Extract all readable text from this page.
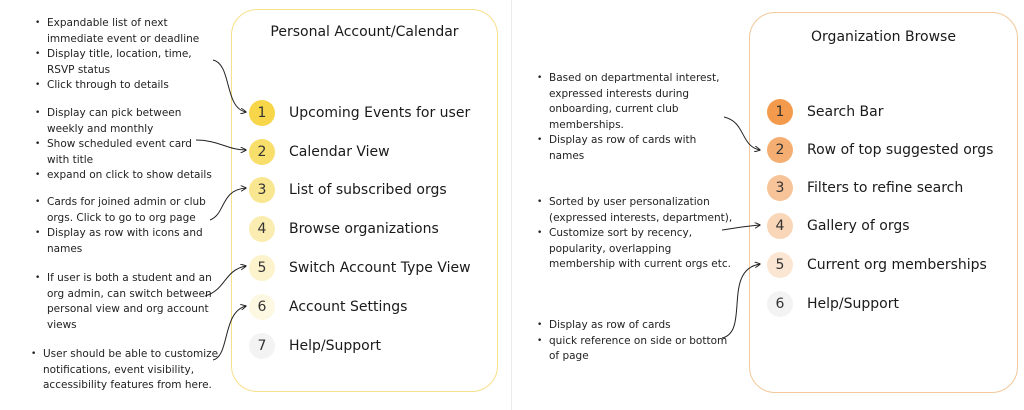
Personal Account/Calendar
1	Upcoming Events for user
2	Calendar View
3	List of subscribed orgs
4	Browse organizations
5	Switch Account Type View
6	Account Settings
7	Help/Support
Organization Browse
1	Search Bar
2	Row of top suggested orgs
3	Filters to refine search
4	Gallery of orgs
5	Current org memberships
6	Help/Support
• Expandable list of next immediate event or deadline
• Display title, location, time, RSVP status
• Click through to details
• Display can pick between weekly and monthly
• Show scheduled event card with title
• expand on click to show details
• Cards for joined admin or club orgs. Click to go to org page
• Display as row with icons and names
• If user is both a student and an org admin, can switch between personal view and org account views
• User should be able to customize notifications, event visibility, accessibility features from here.
• Based on departmental interest, expressed interests during onboarding, current club memberships.
• Display as row of cards with names
• Sorted by user personalization (expressed interests, department),
• Customize sort by recency, popularity, overlapping membership with current orgs etc.
• Display as row of cards
• quick reference on side or bottom of page
